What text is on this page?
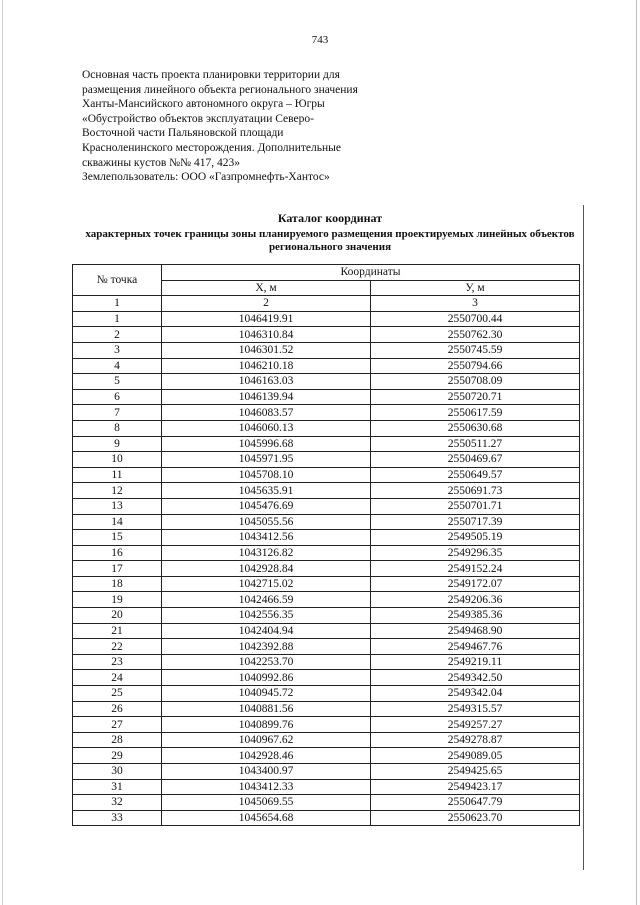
743
Основная часть проекта планировки территории для
размещения линейного объекта регионального значения
Ханты-Мансийского автономного округа – Югры
«Обустройство объектов эксплуатации Северо-
Восточной части Пальяновской площади
Красноленинского месторождения. Дополнительные
скважины кустов №№ 417, 423»
Землепользователь: ООО «Газпромнефть-Хантос»
Каталог координат
характерных точек границы зоны планируемого размещения проектируемых линейных объектов
регионального значения
№ точка	Координаты	
	Х, м	У, м
1	2	3
1	1046419.91	2550700.44
2	1046310.84	2550762.30
3	1046301.52	2550745.59
4	1046210.18	2550794.66
5	1046163.03	2550708.09
6	1046139.94	2550720.71
7	1046083.57	2550617.59
8	1046060.13	2550630.68
9	1045996.68	2550511.27
10	1045971.95	2550469.67
11	1045708.10	2550649.57
12	1045635.91	2550691.73
13	1045476.69	2550701.71
14	1045055.56	2550717.39
15	1043412.56	2549505.19
16	1043126.82	2549296.35
17	1042928.84	2549152.24
18	1042715.02	2549172.07
19	1042466.59	2549206.36
20	1042556.35	2549385.36
21	1042404.94	2549468.90
22	1042392.88	2549467.76
23	1042253.70	2549219.11
24	1040992.86	2549342.50
25	1040945.72	2549342.04
26	1040881.56	2549315.57
27	1040899.76	2549257.27
28	1040967.62	2549278.87
29	1042928.46	2549089.05
30	1043400.97	2549425.65
31	1043412.33	2549423.17
32	1045069.55	2550647.79
33	1045654.68	2550623.70
